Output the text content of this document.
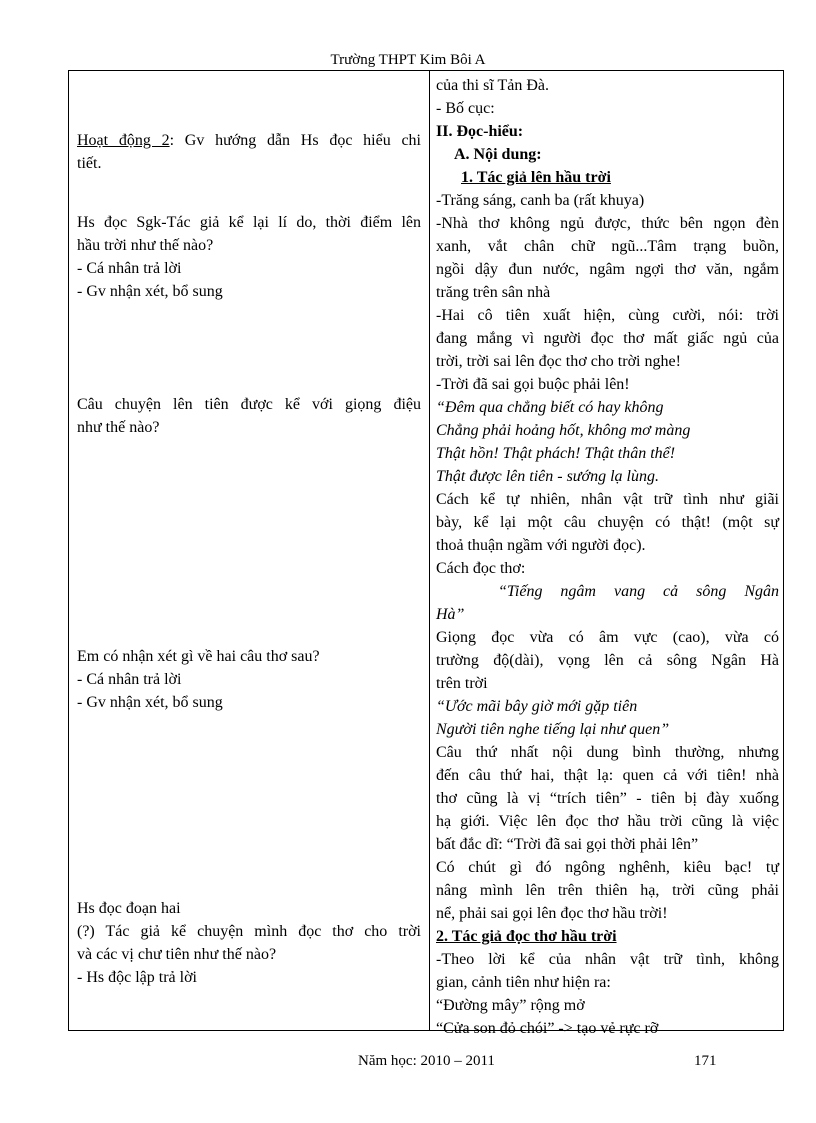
Trường THPT Kim Bôi A
Hoạt động 2: Gv hướng dẫn Hs đọc hiểu chi
tiết.
Hs đọc Sgk-Tác giả kể lại lí do, thời điểm lên
hầu trời như thế nào?
- Cá nhân trả lời
- Gv nhận xét, bổ sung
Câu chuyện lên tiên được kể với giọng điệu
như thế nào?
Em có nhận xét gì về hai câu thơ sau?
- Cá nhân trả lời
- Gv nhận xét, bổ sung
Hs đọc đoạn hai
(?) Tác giả kể chuyện mình đọc thơ cho trời
và các vị chư tiên như thế nào?
- Hs độc lập trả lời
của thi sĩ Tản Đà.
- Bố cục:
II. Đọc-hiểu:
A. Nội dung:
1. Tác giả lên hầu trời
-Trăng sáng, canh ba (rất khuya)
-Nhà thơ không ngủ được, thức bên ngọn đèn
xanh, vắt chân chữ ngũ...Tâm trạng buồn,
ngồi dậy đun nước, ngâm ngợi thơ văn, ngắm
trăng trên sân nhà
-Hai cô tiên xuất hiện, cùng cười, nói: trời
đang mắng vì người đọc thơ mất giấc ngủ của
trời, trời sai lên đọc thơ cho trời nghe!
-Trời đã sai gọi buộc phải lên!
“Đêm qua chẳng biết có hay không
Chẳng phải hoảng hốt, không mơ màng
Thật hồn! Thật phách! Thật thân thể!
Thật được lên tiên - sướng lạ lùng.
Cách kể tự nhiên, nhân vật trữ tình như giãi
bày, kể lại một câu chuyện có thật! (một sự
thoả thuận ngầm với người đọc).
Cách đọc thơ:
“Tiếng ngâm vang cả sông Ngân
Hà”
Giọng đọc vừa có âm vực (cao), vừa có
trường độ(dài), vọng lên cả sông Ngân Hà
trên trời
“Ước mãi bây giờ mới gặp tiên
Người tiên nghe tiếng lại như quen”
Câu thứ nhất nội dung bình thường, nhưng
đến câu thứ hai, thật lạ: quen cả với tiên! nhà
thơ cũng là vị “trích tiên” - tiên bị đày xuống
hạ giới. Việc lên đọc thơ hầu trời cũng là việc
bất đắc dĩ: “Trời đã sai gọi thời phải lên”
Có chút gì đó ngông nghênh, kiêu bạc! tự
nâng mình lên trên thiên hạ, trời cũng phải
nể, phải sai gọi lên đọc thơ hầu trời!
2. Tác giả đọc thơ hầu trời
-Theo lời kể của nhân vật trữ tình, không
gian, cảnh tiên như hiện ra:
“Đường mây” rộng mở
“Cửa son đỏ chói” -> tạo vẻ rực rỡ
Năm học: 2010 – 2011	171
